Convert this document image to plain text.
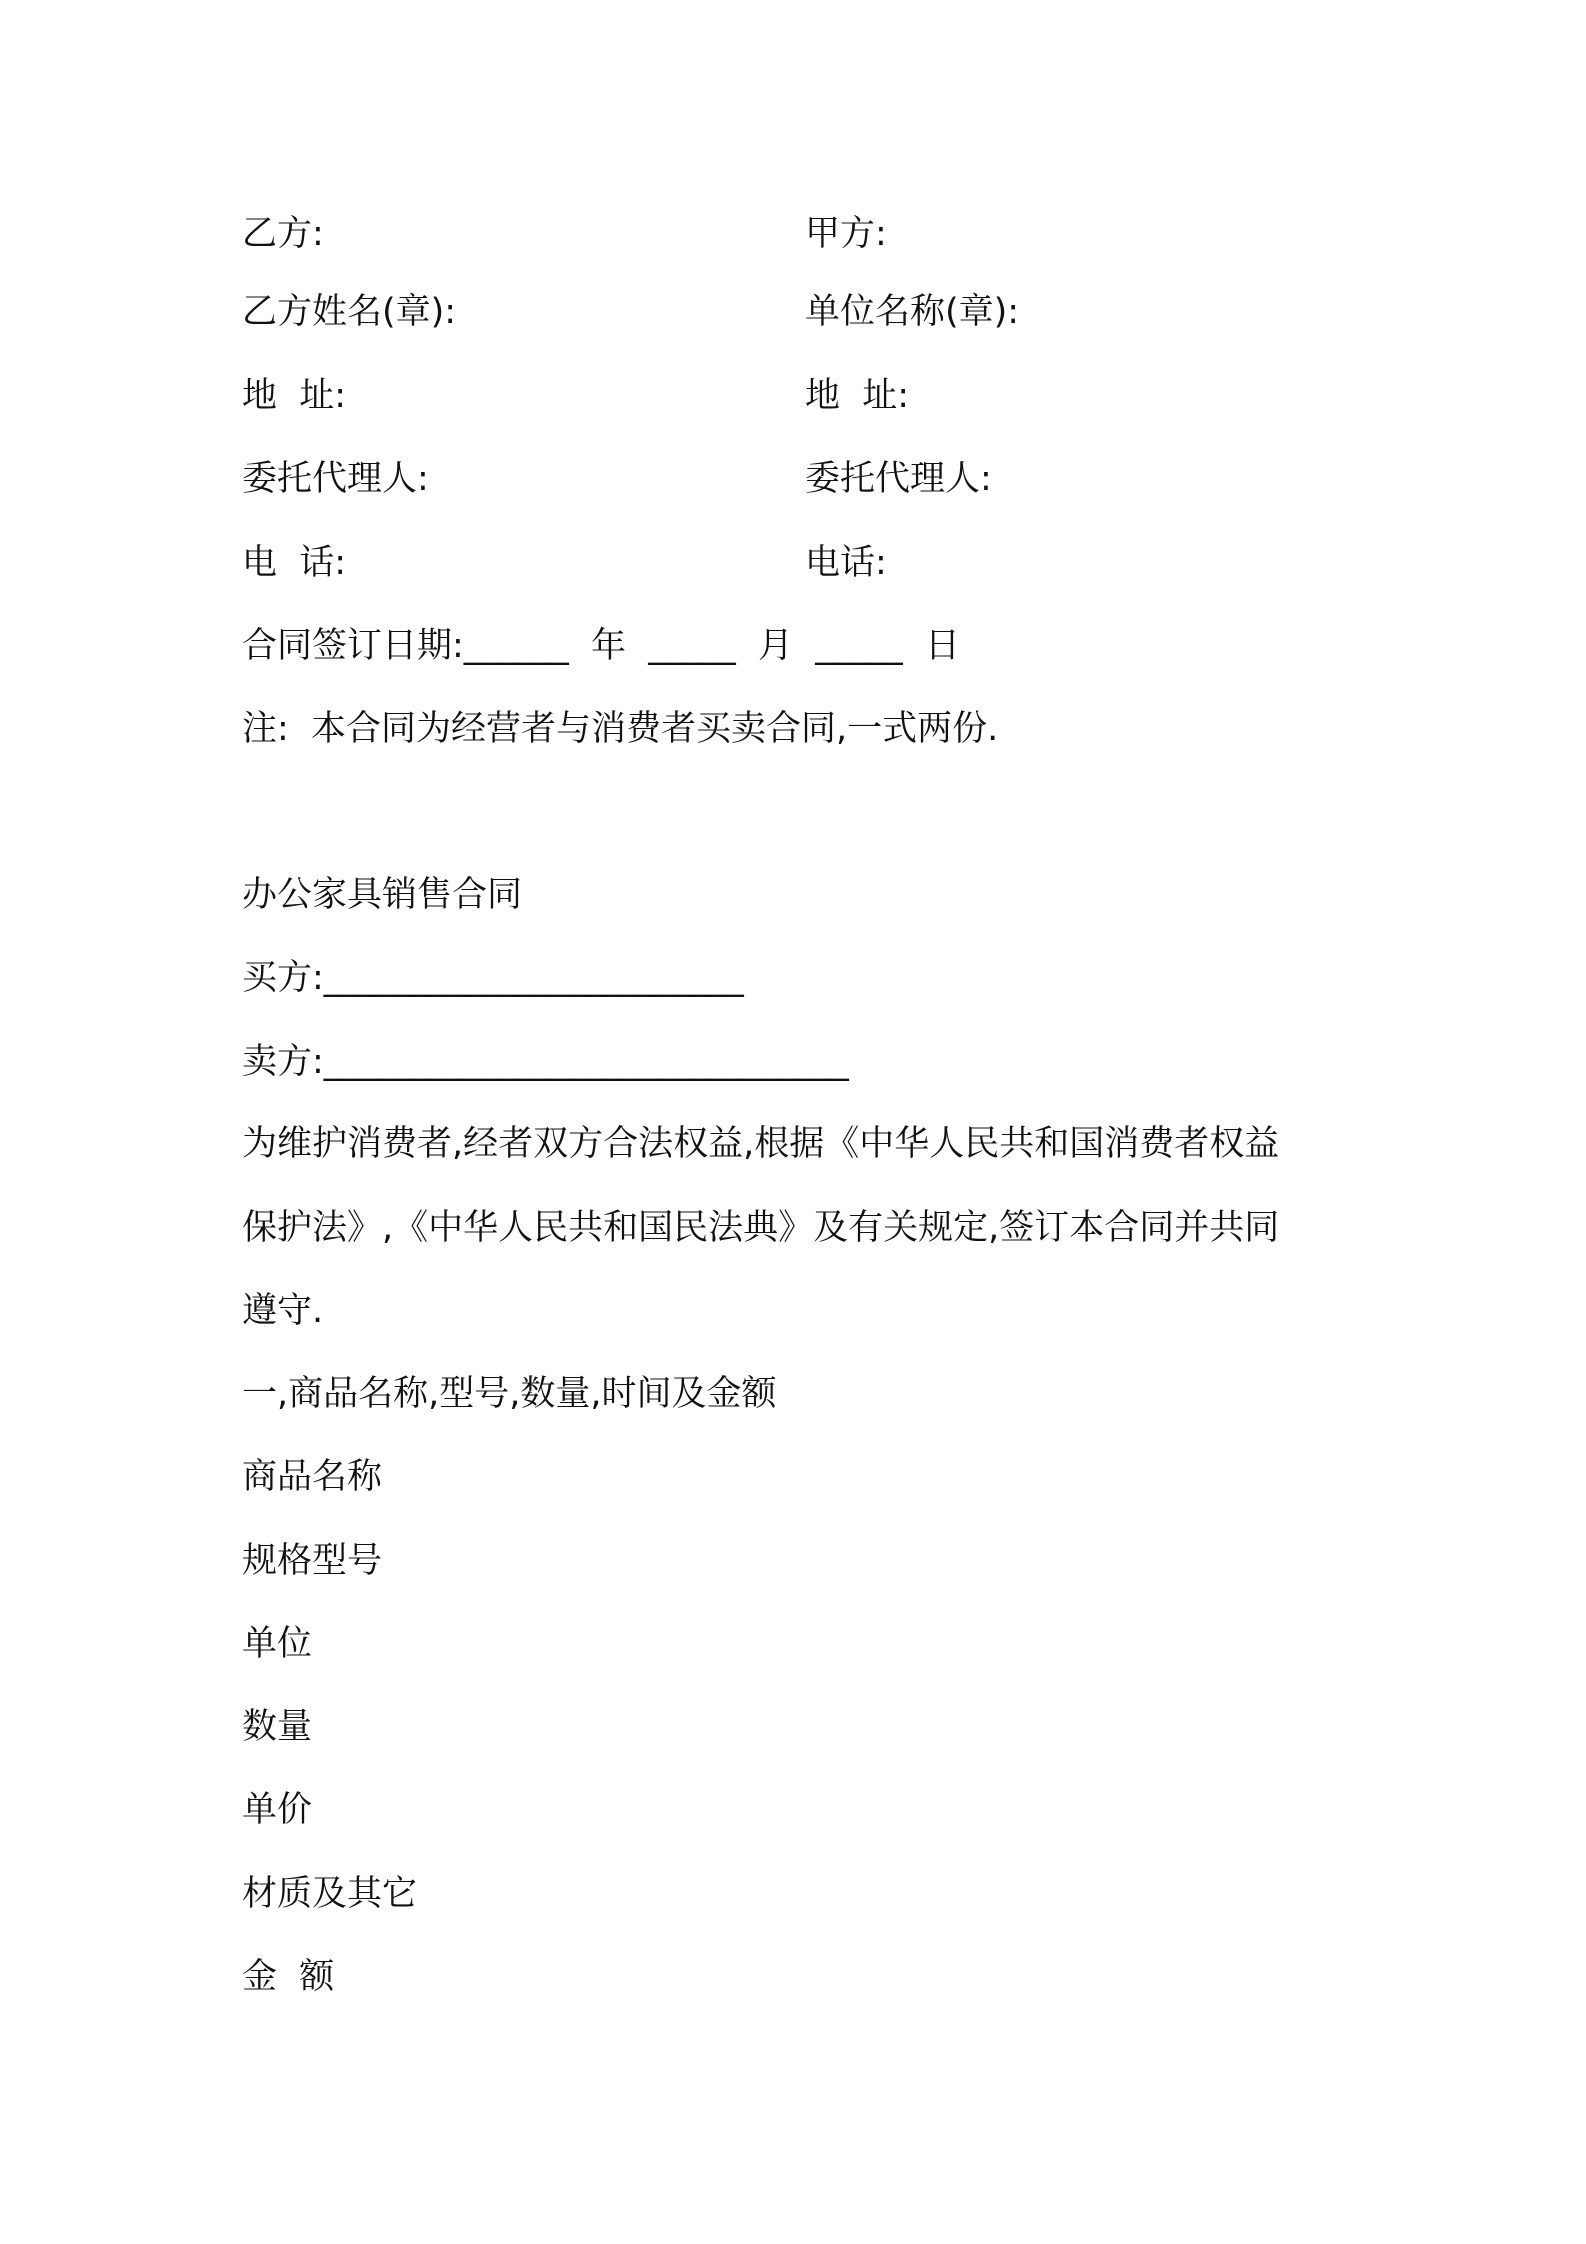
乙方:	甲方:
乙方姓名(章):	单位名称(章):
地  址:	地  址:
委托代理人:	委托代理人:
电  话:	电话:
合同签订日期:______  年  _____  月  _____  日
注:  本合同为经营者与消费者买卖合同,一式两份.
办公家具销售合同
买方:________________________
卖方:______________________________
为维护消费者,经者双方合法权益,根据《中华人民共和国消费者权益
保护法》,《中华人民共和国民法典》及有关规定,签订本合同并共同
遵守.
一,商品名称,型号,数量,时间及金额
商品名称
规格型号
单位
数量
单价
材质及其它
金  额
